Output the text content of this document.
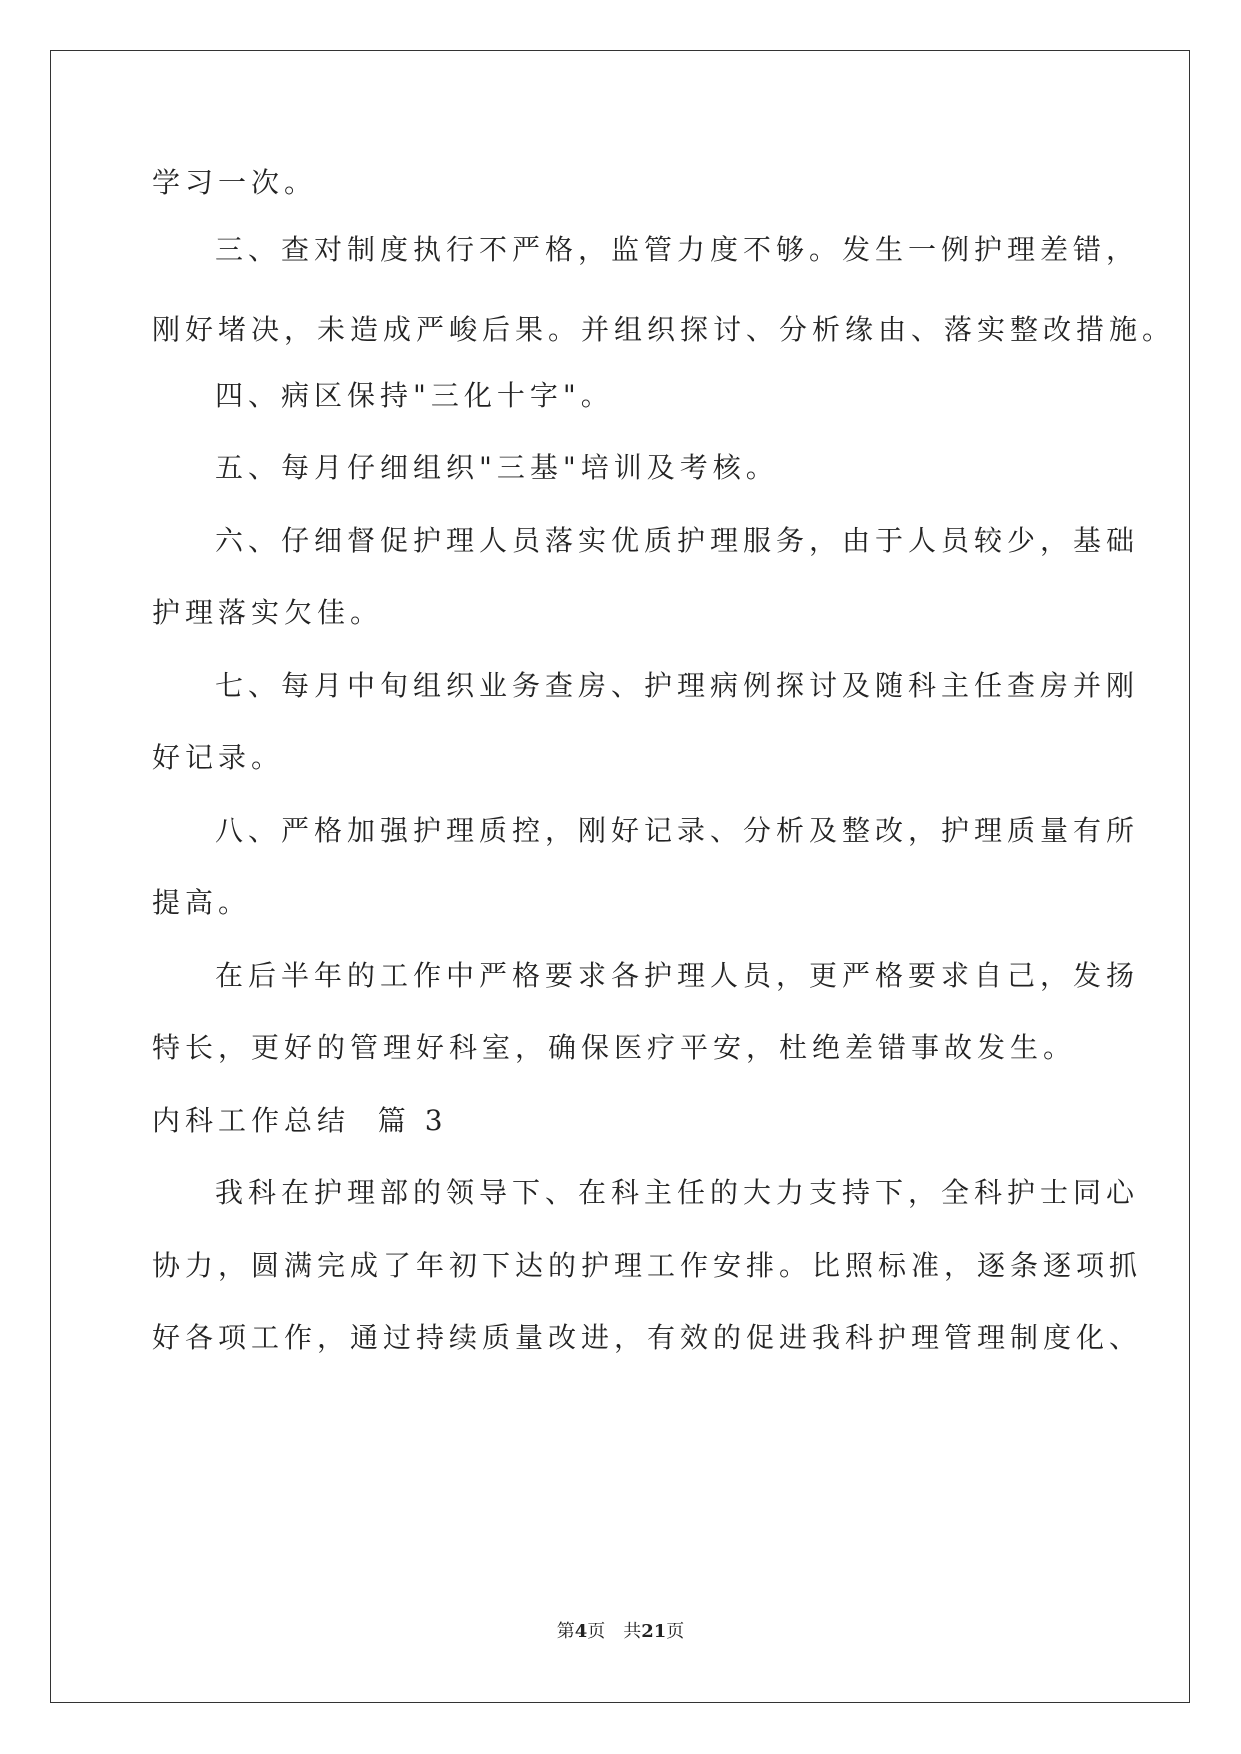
学习一次。
三、查对制度执行不严格，监管力度不够。发生一例护理差错，
刚好堵决，未造成严峻后果。并组织探讨、分析缘由、落实整改措施。
四、病区保持"三化十字"。
五、每月仔细组织"三基"培训及考核。
六、仔细督促护理人员落实优质护理服务，由于人员较少，基础
护理落实欠佳。
七、每月中旬组织业务查房、护理病例探讨及随科主任查房并刚
好记录。
八、严格加强护理质控，刚好记录、分析及整改，护理质量有所
提高。
在后半年的工作中严格要求各护理人员，更严格要求自己，发扬
特长，更好的管理好科室，确保医疗平安，杜绝差错事故发生。
内科工作总结  篇 3
我科在护理部的领导下、在科主任的大力支持下，全科护士同心
协力，圆满完成了年初下达的护理工作安排。比照标准，逐条逐项抓
好各项工作，通过持续质量改进，有效的促进我科护理管理制度化、
第4页 共21页
